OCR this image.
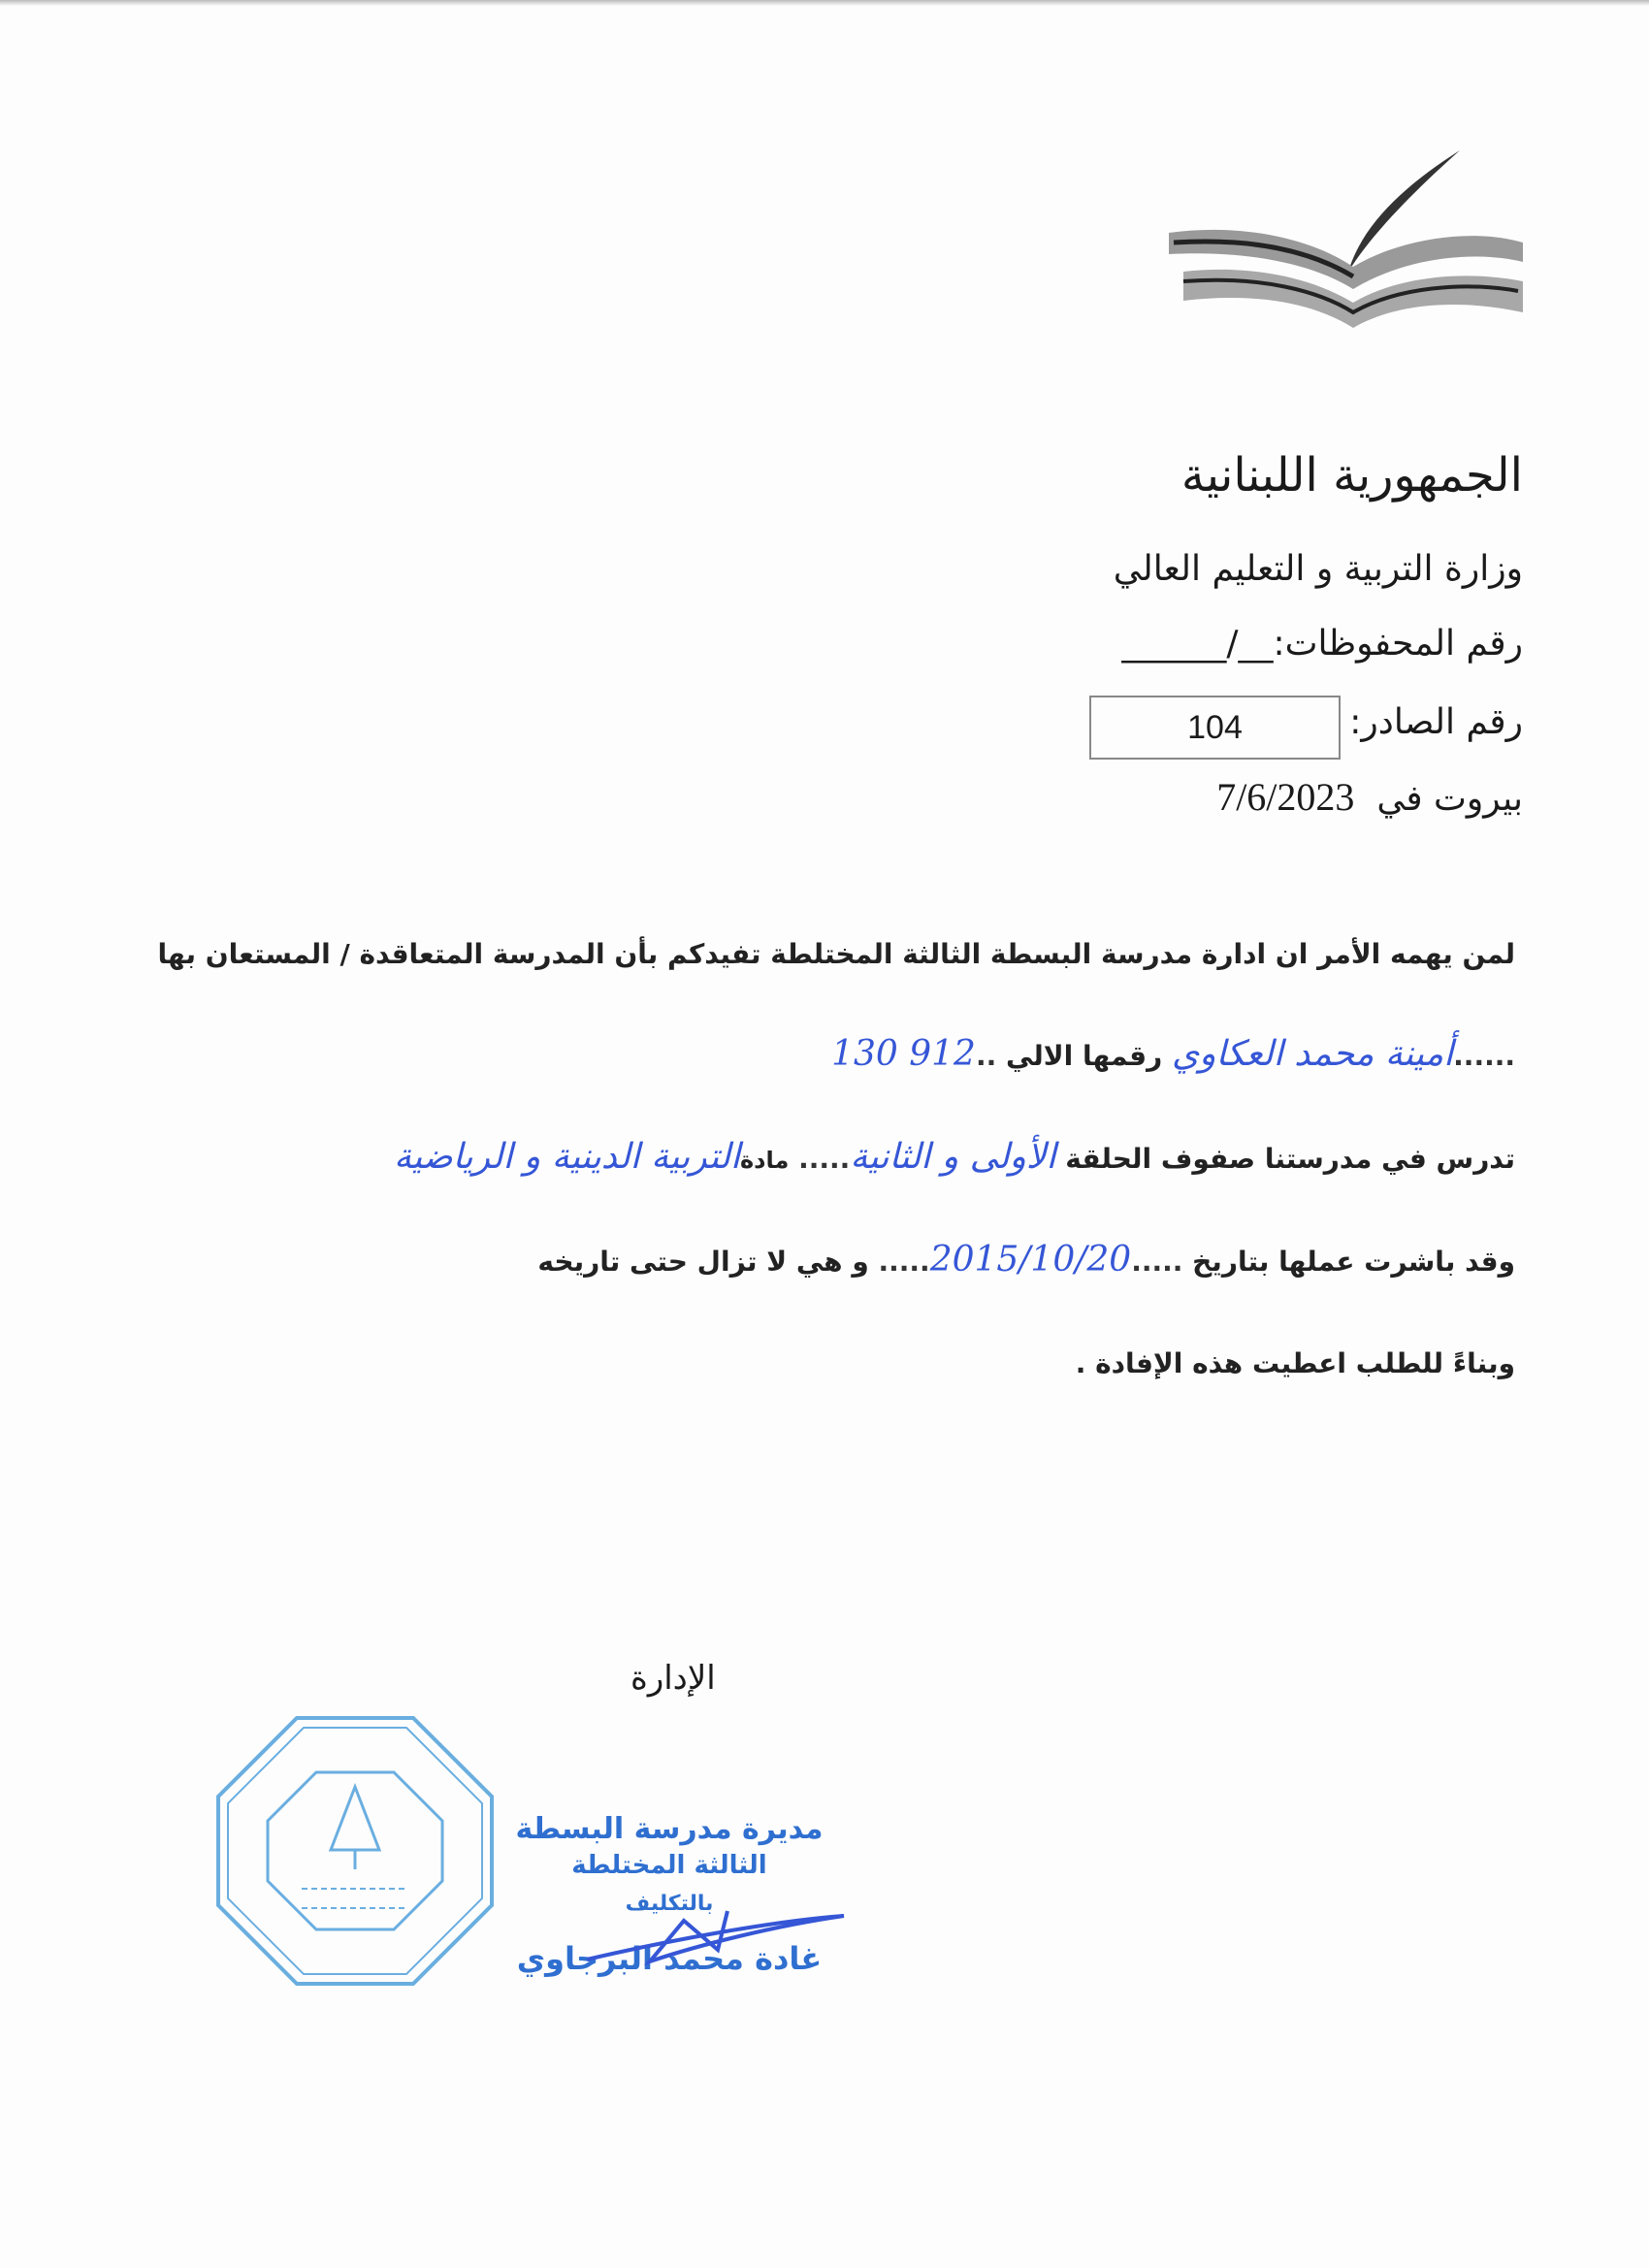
الجمهورية اللبنانية
وزارة التربية و التعليم العالي
رقم المحفوظات:______/__
رقم الصادر:
104
بيروت في  7/6/2023
لمن يهمه الأمر ان ادارة مدرسة البسطة الثالثة المختلطة تفيدكم بأن المدرسة المتعاقدة / المستعان بها
......أمينة محمد العكاوي رقمها الالي ..130 912
تدرس في مدرستنا صفوف الحلقة الأولى و الثانية..... مادةالتربية الدينية و الرياضية
وقد باشرت عملها بتاريخ .....2015/10/20..... و هي لا تزال حتى تاريخه
وبناءً للطلب اعطيت هذه الإفادة .
الإدارة
مديرة مدرسة البسطة
الثالثة المختلطة
بالتكليف
غادة محمد البرجاوي
